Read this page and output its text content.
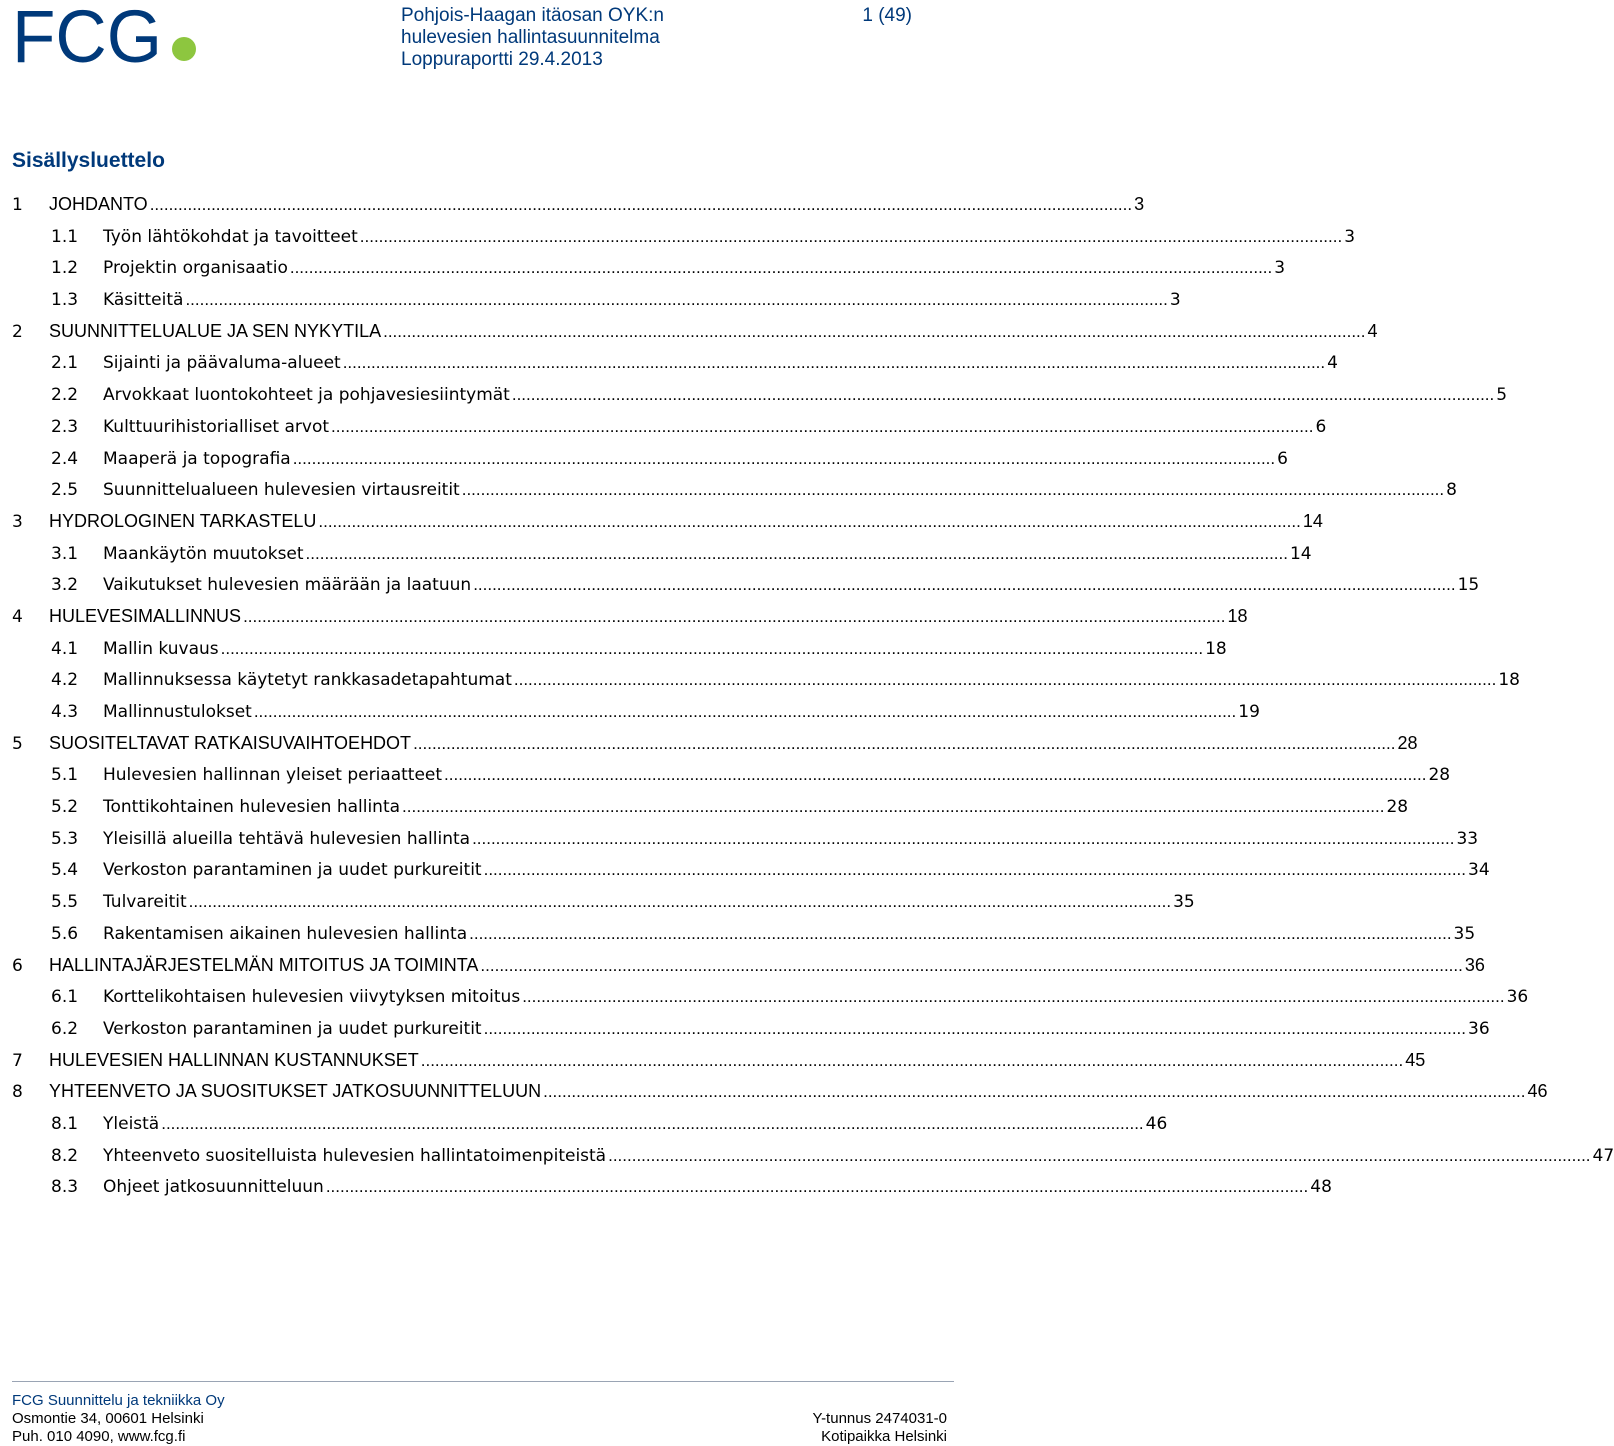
FCG	Pohjois-Haagan itäosan OYK:n
hulevesien hallintasuunnitelma
Loppuraportti 29.4.2013
1 (49)
Sisällysluettelo
1	JOHDANTO .....	3
1.1	Työn lähtökohdat ja tavoitteet .....	3
1.2	Projektin organisaatio .....	3
1.3	Käsitteitä .....	3
2	SUUNNITTELUALUE JA SEN NYKYTILA .....	4
2.1	Sijainti ja päävaluma-alueet .....	4
2.2	Arvokkaat luontokohteet ja pohjavesiesiintymät .....	5
2.3	Kulttuurihistorialliset arvot .....	6
2.4	Maaperä ja topografia .....	6
2.5	Suunnittelualueen hulevesien virtausreitit .....	8
3	HYDROLOGINEN TARKASTELU .....	14
3.1	Maankäytön muutokset .....	14
3.2	Vaikutukset hulevesien määrään ja laatuun .....	15
4	HULEVESIMALLINNUS .....	18
4.1	Mallin kuvaus .....	18
4.2	Mallinnuksessa käytetyt rankkasadetapahtumat .....	18
4.3	Mallinnustulokset .....	19
5	SUOSITELTAVAT RATKAISUVAIHTOEHDOT .....	28
5.1	Hulevesien hallinnan yleiset periaatteet .....	28
5.2	Tonttikohtainen hulevesien hallinta .....	28
5.3	Yleisillä alueilla tehtävä hulevesien hallinta .....	33
5.4	Verkoston parantaminen ja uudet purkureitit .....	34
5.5	Tulvareitit .....	35
5.6	Rakentamisen aikainen hulevesien hallinta .....	35
6	HALLINTAJÄRJESTELMÄN MITOITUS JA TOIMINTA .....	36
6.1	Korttelikohtaisen hulevesien viivytyksen mitoitus .....	36
6.2	Verkoston parantaminen ja uudet purkureitit .....	36
7	HULEVESIEN HALLINNAN KUSTANNUKSET .....	45
8	YHTEENVETO JA SUOSITUKSET JATKOSUUNNITTELUUN .....	46
8.1	Yleistä .....	46
8.2	Yhteenveto suositelluista hulevesien hallintatoimenpiteistä .....	47
8.3	Ohjeet jatkosuunnitteluun .....	48
FCG Suunnittelu ja tekniikka Oy
Osmontie 34, 00601 Helsinki
Puh. 010 4090, www.fcg.fi

Y-tunnus 2474031-0
Kotipaikka Helsinki
